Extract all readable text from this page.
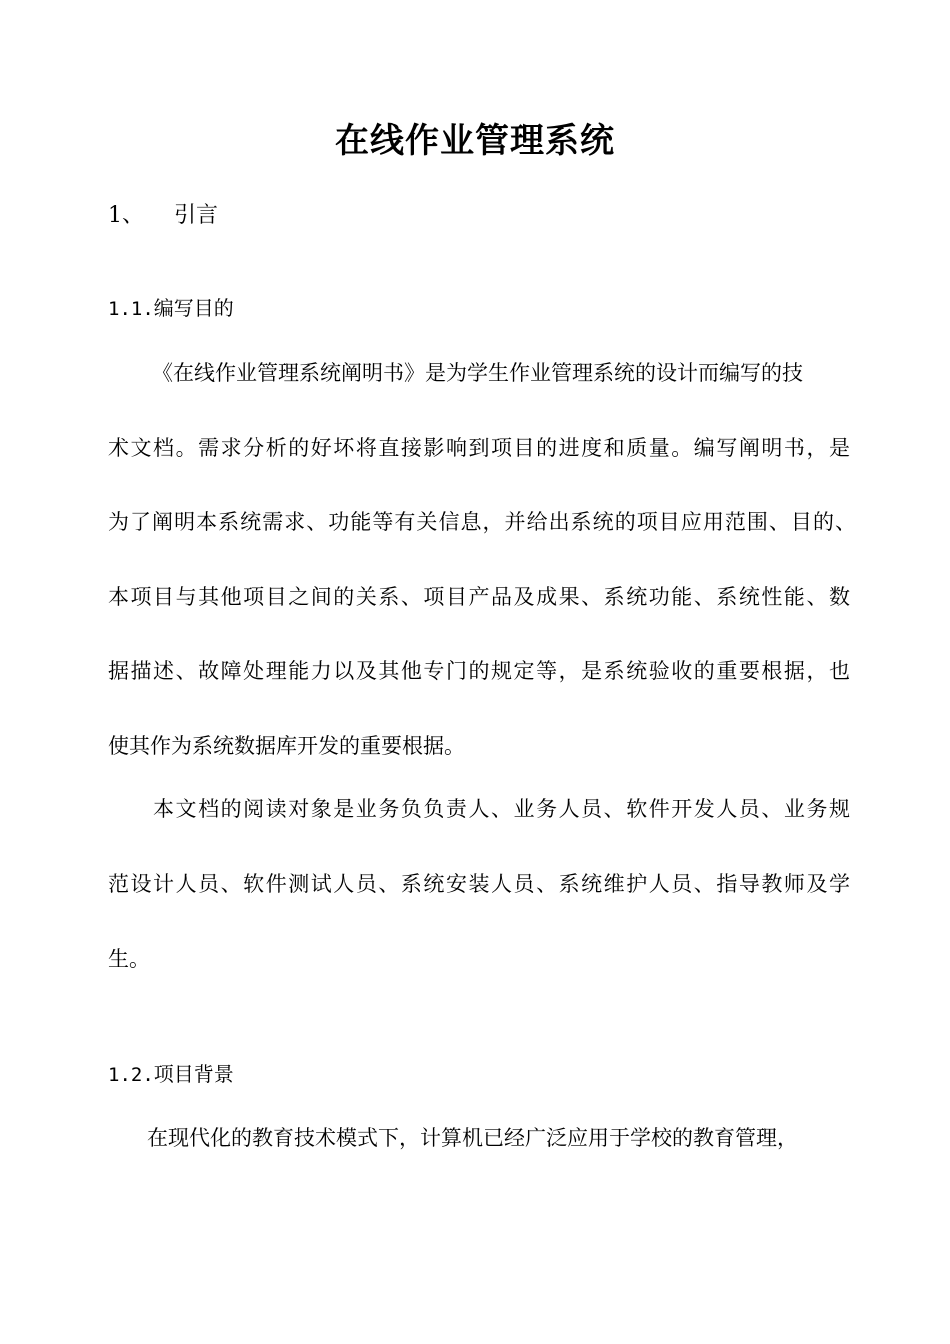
在线作业管理系统
1、 引言
1.1.编写目的
《在线作业管理系统阐明书》是为学生作业管理系统的设计而编写的技
术文档。需求分析的好坏将直接影响到项目的进度和质量。编写阐明书，是
为了阐明本系统需求、功能等有关信息，并给出系统的项目应用范围、目的、
本项目与其他项目之间的关系、项目产品及成果、系统功能、系统性能、数
据描述、故障处理能力以及其他专门的规定等，是系统验收的重要根据，也
使其作为系统数据库开发的重要根据。
本文档的阅读对象是业务负负责人、业务人员、软件开发人员、业务规
范设计人员、软件测试人员、系统安装人员、系统维护人员、指导教师及学
生。
1.2.项目背景
在现代化的教育技术模式下，计算机已经广泛应用于学校的教育管理，
